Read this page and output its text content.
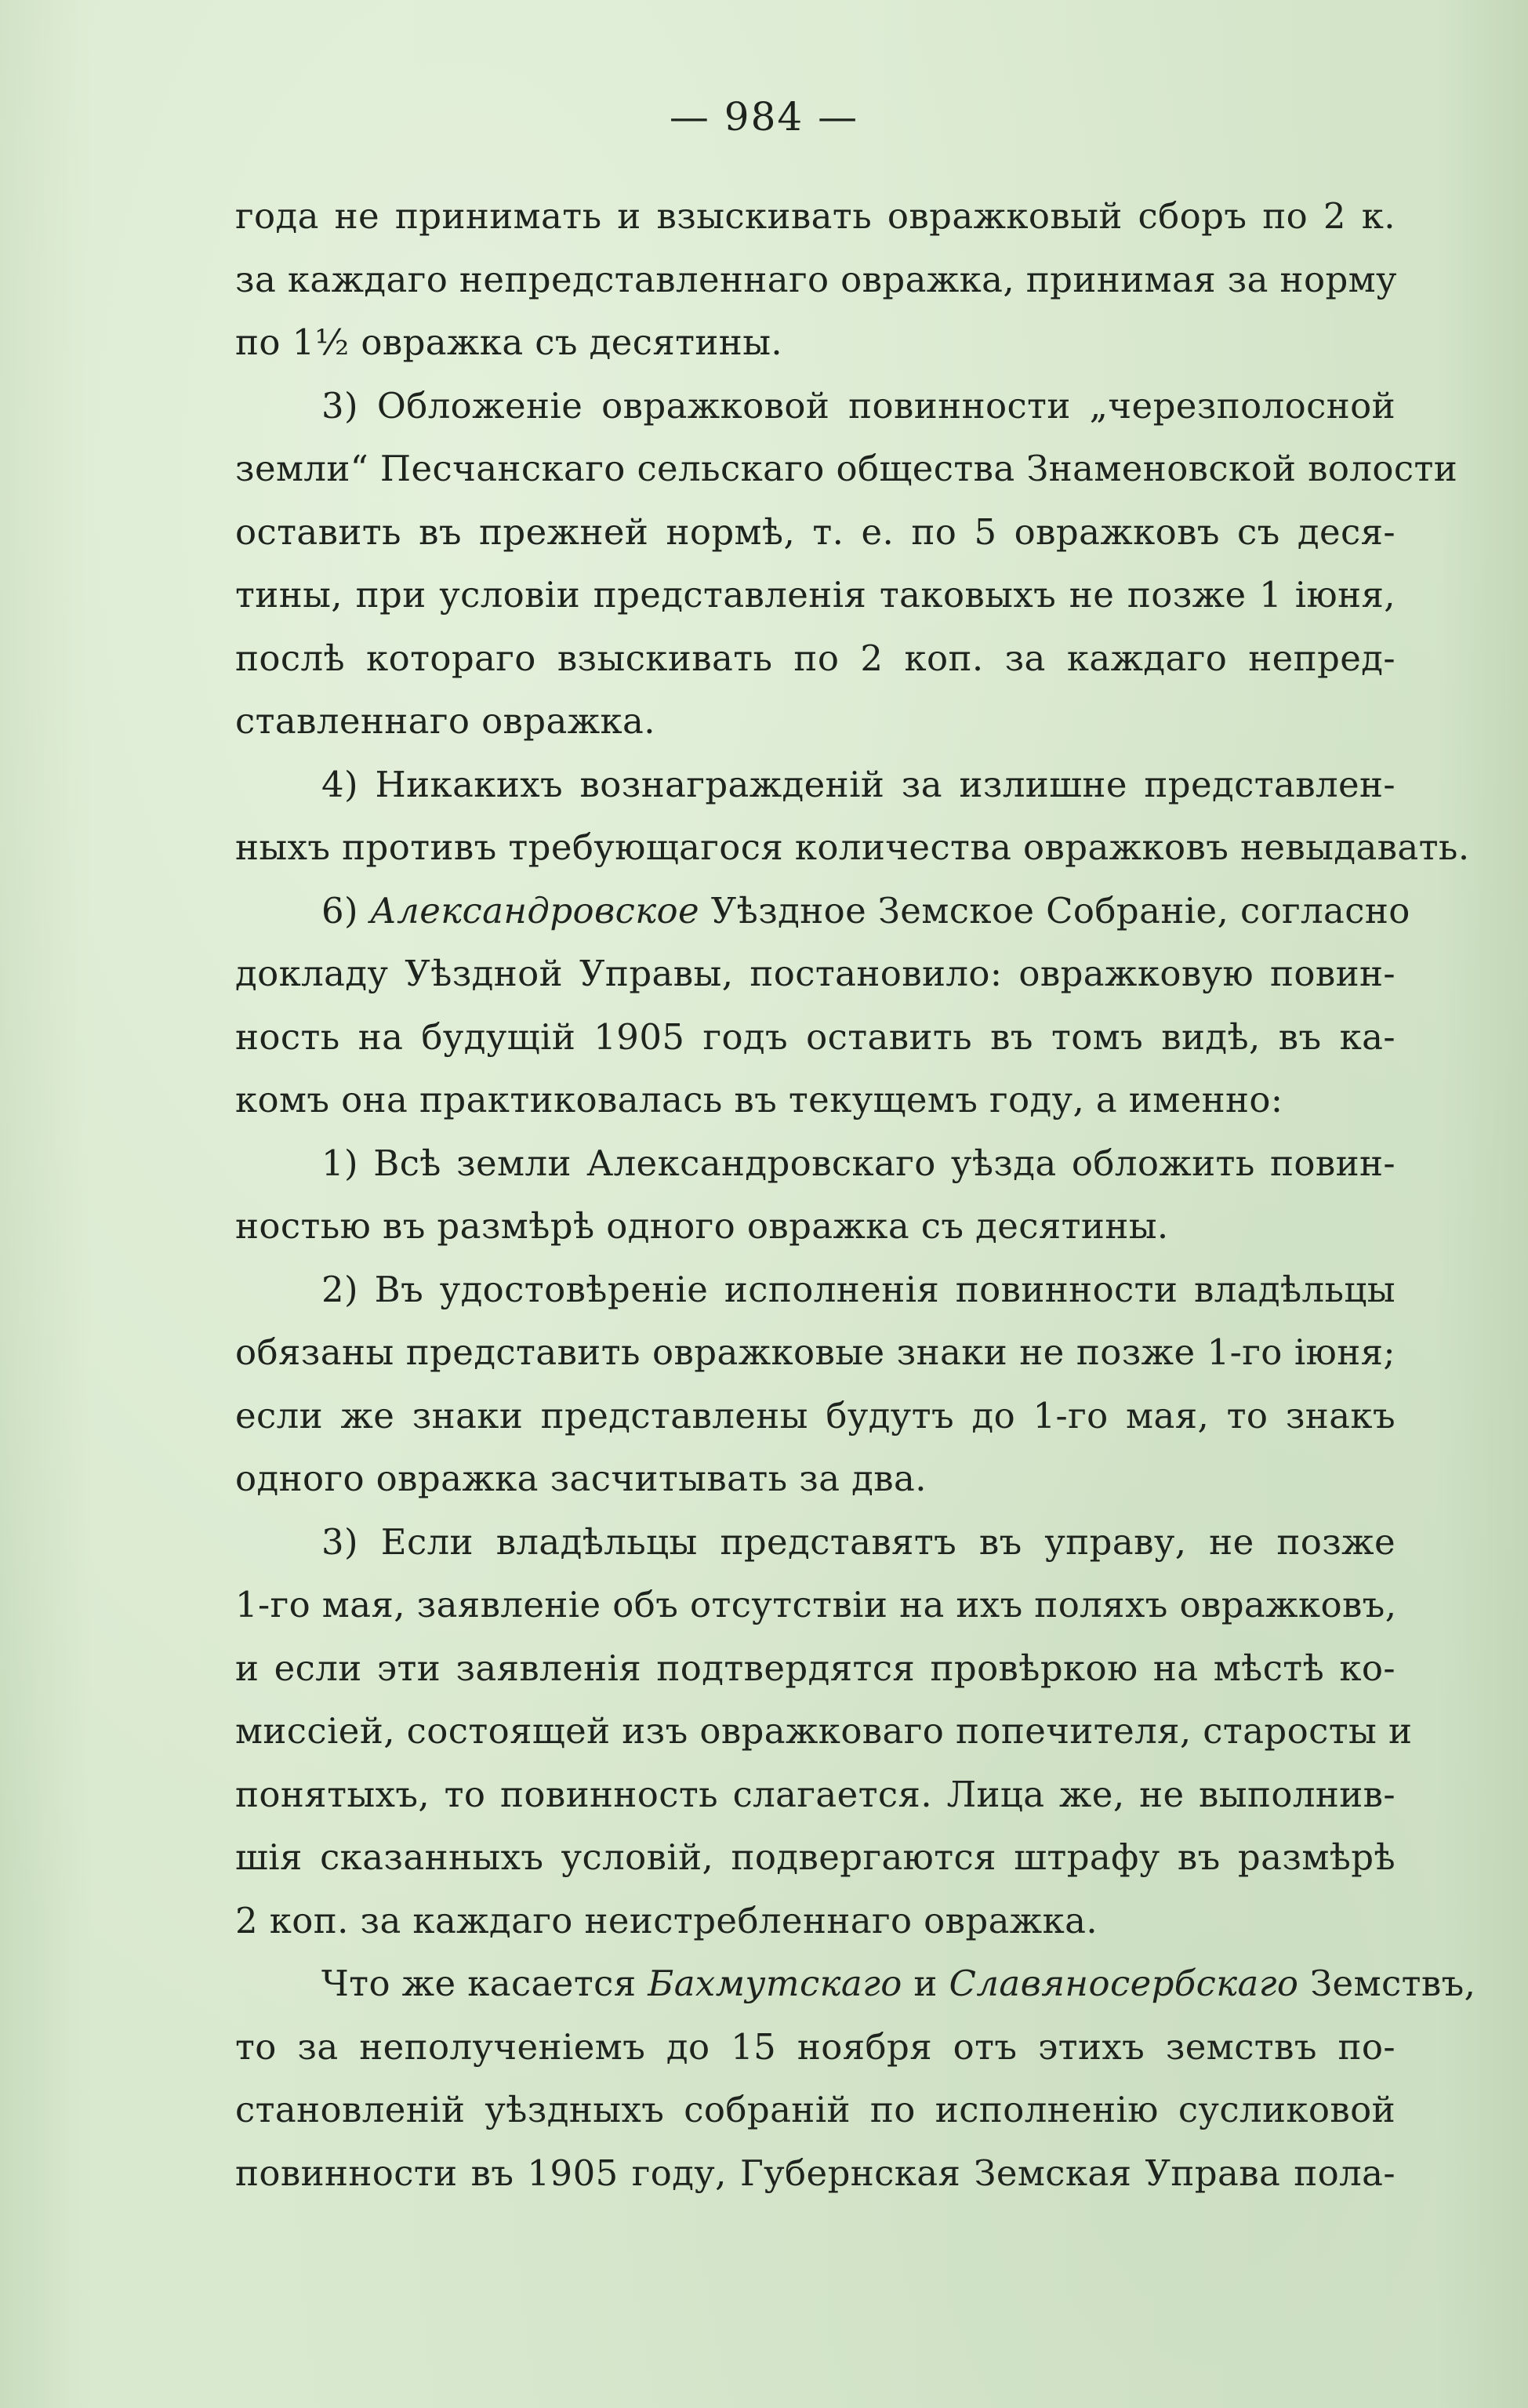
— 984 —
года не принимать и взыскивать овражковый сборъ по 2 к.
за каждаго непредставленнаго овражка, принимая за норму
по 1½ овражка съ десятины.
3) Обложеніе овражковой повинности „черезполосной
земли“ Песчанскаго сельскаго общества Знаменовской волости
оставить въ прежней нормѣ, т. е. по 5 овражковъ съ деся-
тины, при условіи представленія таковыхъ не позже 1 іюня,
послѣ котораго взыскивать по 2 коп. за каждаго непред-
ставленнаго овражка.
4) Никакихъ вознагражденій за излишне представлен-
ныхъ противъ требующагося количества овражковъ невыдавать.
6) Александровское Уѣздное Земское Собраніе, согласно
докладу Уѣздной Управы, постановило: овражковую повин-
ность на будущій 1905 годъ оставить въ томъ видѣ, въ ка-
комъ она практиковалась въ текущемъ году, а именно:
1) Всѣ земли Александровскаго уѣзда обложить повин-
ностью въ размѣрѣ одного овражка съ десятины.
2) Въ удостовѣреніе исполненія повинности владѣльцы
обязаны представить овражковые знаки не позже 1-го іюня;
если же знаки представлены будутъ до 1-го мая, то знакъ
одного овражка засчитывать за два.
3) Если владѣльцы представятъ въ управу, не позже
1-го мая, заявленіе объ отсутствіи на ихъ поляхъ овражковъ,
и если эти заявленія подтвердятся провѣркою на мѣстѣ ко-
миссіей, состоящей изъ овражковаго попечителя, старосты и
понятыхъ, то повинность слагается. Лица же, не выполнив-
шія сказанныхъ условій, подвергаются штрафу въ размѣрѣ
2 коп. за каждаго неистребленнаго овражка.
Что же касается Бахмутскаго и Славяносербскаго Земствъ,
то за неполученіемъ до 15 ноября отъ этихъ земствъ по-
становленій уѣздныхъ собраній по исполненію сусликовой
повинности въ 1905 году, Губернская Земская Управа пола-
